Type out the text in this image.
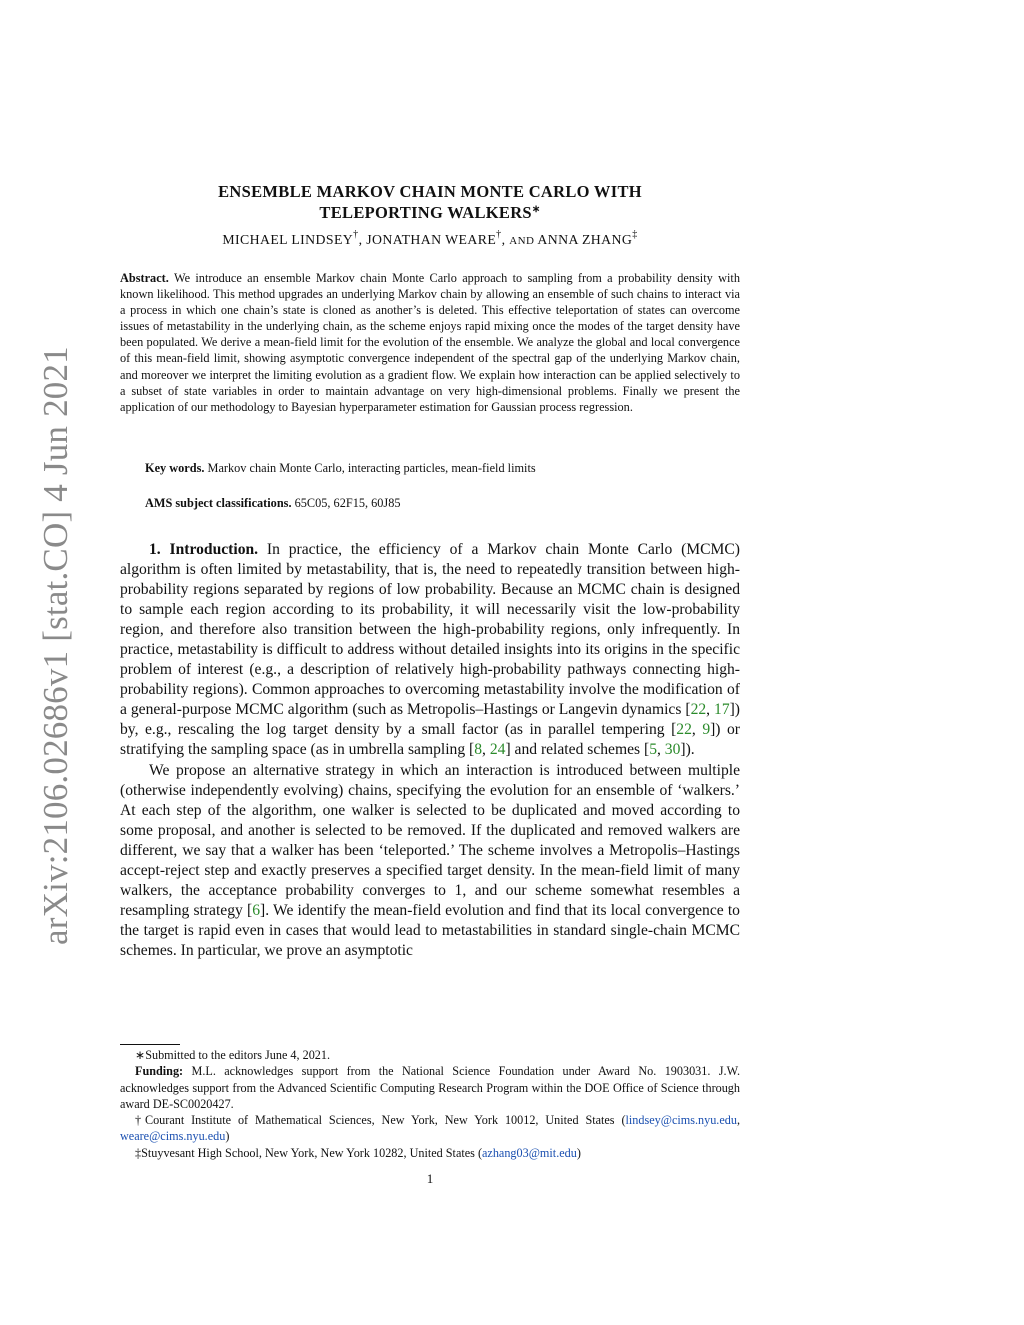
arXiv:2106.02686v1 [stat.CO] 4 Jun 2021
ENSEMBLE MARKOV CHAIN MONTE CARLO WITH
TELEPORTING WALKERS∗
MICHAEL LINDSEY†, JONATHAN WEARE†, AND ANNA ZHANG‡
Abstract. We introduce an ensemble Markov chain Monte Carlo approach to sampling from a probability density with known likelihood. This method upgrades an underlying Markov chain by allowing an ensemble of such chains to interact via a process in which one chain’s state is cloned as another’s is deleted. This effective teleportation of states can overcome issues of metastability in the underlying chain, as the scheme enjoys rapid mixing once the modes of the target density have been populated. We derive a mean-field limit for the evolution of the ensemble. We analyze the global and local convergence of this mean-field limit, showing asymptotic convergence independent of the spectral gap of the underlying Markov chain, and moreover we interpret the limiting evolution as a gradient flow. We explain how interaction can be applied selectively to a subset of state variables in order to maintain advantage on very high-dimensional problems. Finally we present the application of our methodology to Bayesian hyperparameter estimation for Gaussian process regression.
Key words. Markov chain Monte Carlo, interacting particles, mean-field limits
AMS subject classifications. 65C05, 62F15, 60J85

1. Introduction. In practice, the efficiency of a Markov chain Monte Carlo (MCMC) algorithm is often limited by metastability, that is, the need to repeatedly transition between high-probability regions separated by regions of low probability. Because an MCMC chain is designed to sample each region according to its probability, it will necessarily visit the low-probability region, and therefore also transition between the high-probability regions, only infrequently. In practice, metastability is difficult to address without detailed insights into its origins in the specific problem of interest (e.g., a description of relatively high-probability pathways connecting high-probability regions). Common approaches to overcoming metastability involve the modification of a general-purpose MCMC algorithm (such as Metropolis–Hastings or Langevin dynamics [22, 17]) by, e.g., rescaling the log target density by a small factor (as in parallel tempering [22, 9]) or stratifying the sampling space (as in umbrella sampling [8, 24] and related schemes [5, 30]).

We propose an alternative strategy in which an interaction is introduced between multiple (otherwise independently evolving) chains, specifying the evolution for an ensemble of ‘walkers.’ At each step of the algorithm, one walker is selected to be duplicated and moved according to some proposal, and another is selected to be removed. If the duplicated and removed walkers are different, we say that a walker has been ‘teleported.’ The scheme involves a Metropolis–Hastings accept-reject step and exactly preserves a specified target density. In the mean-field limit of many walkers, the acceptance probability converges to 1, and our scheme somewhat resembles a resampling strategy [6]. We identify the mean-field evolution and find that its local convergence to the target is rapid even in cases that would lead to metastabilities in standard single-chain MCMC schemes. In particular, we prove an asymptotic

∗Submitted to the editors June 4, 2021.

Funding: M.L. acknowledges support from the National Science Foundation under Award No. 1903031. J.W. acknowledges support from the Advanced Scientific Computing Research Program within the DOE Office of Science through award DE-SC0020427.

†Courant Institute of Mathematical Sciences, New York, New York 10012, United States (lindsey@cims.nyu.edu, weare@cims.nyu.edu)

‡Stuyvesant High School, New York, New York 10282, United States (azhang03@mit.edu)

1
